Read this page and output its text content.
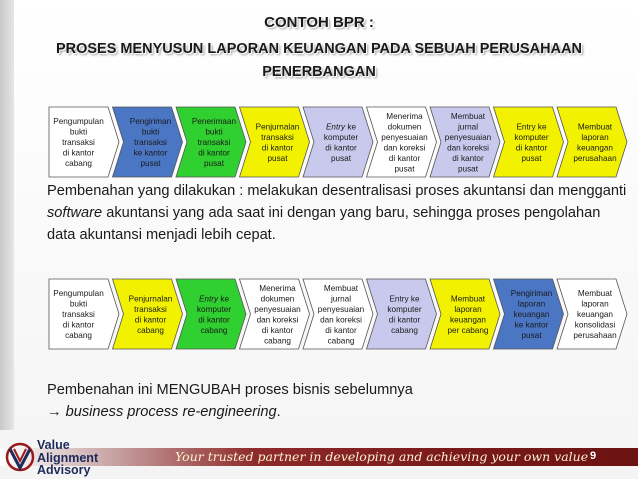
CONTOH BPR :
PROSES MENYUSUN LAPORAN KEUANGAN PADA SEBUAH PERUSAHAAN
PENERBANGAN
Pengumpulan
bukti
transaksi
di kantor
cabang
Pengiriman
bukti
transaksi
ke kantor
pusat
Penerimaan
bukti
transaksi
di kantor
pusat
Penjurnalan
transaksi
di kantor
pusat
Entry ke
komputer
di kantor
pusat
Menerima
dokumen
penyesuaian
dan koreksi
di kantor
pusat
Membuat
jurnal
penyesuaian
dan koreksi
di kantor
pusat
Entry ke
komputer
di kantor
pusat
Membuat
laporan
keuangan
perusahaan
Pembenahan yang dilakukan : melakukan desentralisasi proses akuntansi dan mengganti software akuntansi yang ada saat ini dengan yang baru, sehingga proses pengolahan data akuntansi menjadi lebih cepat.
Pengumpulan
bukti
transaksi
di kantor
cabang
Penjurnalan
transaksi
di kantor
cabang
Entry ke
komputer
di kantor
cabang
Menerima
dokumen
penyesuaian
dan koreksi
di kantor
cabang
Membuat
jurnal
penyesuaian
dan koreksi
di kantor
cabang
Entry ke
komputer
di kantor
cabang
Membuat
laporan
keuangan
per cabang
Pengiriman
laporan
keuangan
ke kantor
pusat
Membuat
laporan
keuangan
konsolidasi
perusahaan
Pembenahan ini MENGUBAH proses bisnis sebelumnya
→ business process re-engineering.
Your trusted partner in developing and achieving your own value 9
Value
Alignment
Advisory
